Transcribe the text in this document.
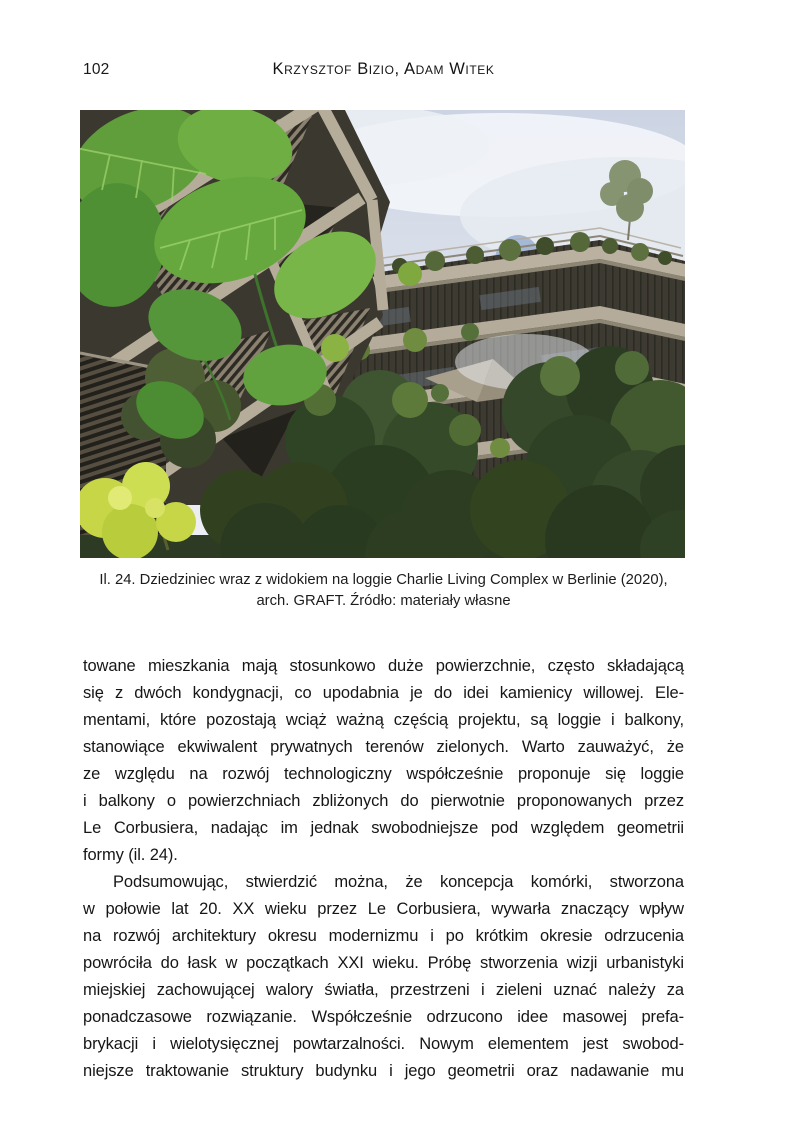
102	Krzysztof Bizio, Adam Witek
Il. 24. Dziedziniec wraz z widokiem na loggie Charlie Living Complex w Berlinie (2020),
arch. GRAFT. Źródło: materiały własne
towane mieszkania mają stosunkowo duże powierzchnie, często składającą
się z dwóch kondygnacji, co upodabnia je do idei kamienicy willowej. Ele-
mentami, które pozostają wciąż ważną częścią projektu, są loggie i balkony,
stanowiące ekwiwalent prywatnych terenów zielonych. Warto zauważyć, że
ze względu na rozwój technologiczny współcześnie proponuje się loggie
i balkony o powierzchniach zbliżonych do pierwotnie proponowanych przez
Le Corbusiera, nadając im jednak swobodniejsze pod względem geometrii
formy (il. 24).
Podsumowując, stwierdzić można, że koncepcja komórki, stworzona
w połowie lat 20. XX wieku przez Le Corbusiera, wywarła znaczący wpływ
na rozwój architektury okresu modernizmu i po krótkim okresie odrzucenia
powróciła do łask w początkach XXI wieku. Próbę stworzenia wizji urbanistyki
miejskiej zachowującej walory światła, przestrzeni i zieleni uznać należy za
ponadczasowe rozwiązanie. Współcześnie odrzucono idee masowej prefa-
brykacji i wielotysięcznej powtarzalności. Nowym elementem jest swobod-
niejsze traktowanie struktury budynku i jego geometrii oraz nadawanie mu
